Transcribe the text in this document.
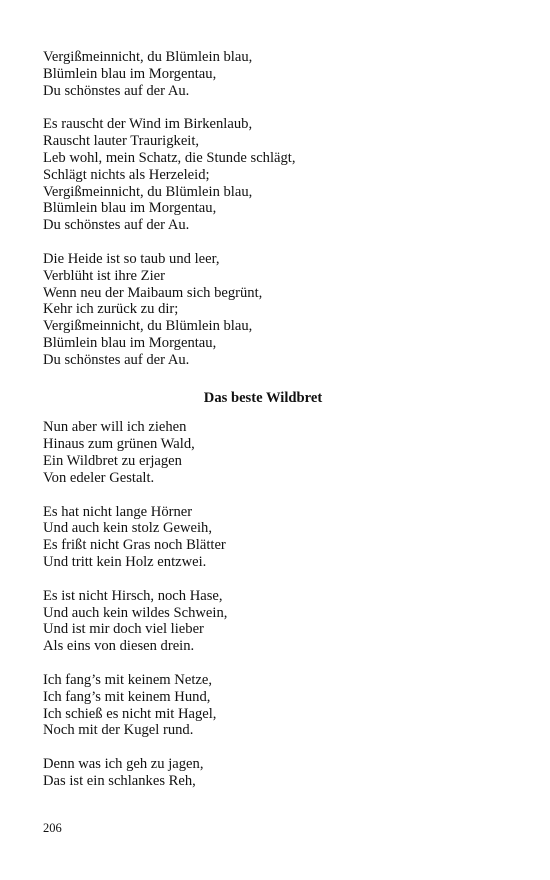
Vergißmeinnicht, du Blümlein blau,
Blümlein blau im Morgentau,
Du schönstes auf der Au.
Es rauscht der Wind im Birkenlaub,
Rauscht lauter Traurigkeit,
Leb wohl, mein Schatz, die Stunde schlägt,
Schlägt nichts als Herzeleid;
Vergißmeinnicht, du Blümlein blau,
Blümlein blau im Morgentau,
Du schönstes auf der Au.
Die Heide ist so taub und leer,
Verblüht ist ihre Zier
Wenn neu der Maibaum sich begrünt,
Kehr ich zurück zu dir;
Vergißmeinnicht, du Blümlein blau,
Blümlein blau im Morgentau,
Du schönstes auf der Au.
Das beste Wildbret
Nun aber will ich ziehen
Hinaus zum grünen Wald,
Ein Wildbret zu erjagen
Von edeler Gestalt.
Es hat nicht lange Hörner
Und auch kein stolz Geweih,
Es frißt nicht Gras noch Blätter
Und tritt kein Holz entzwei.
Es ist nicht Hirsch, noch Hase,
Und auch kein wildes Schwein,
Und ist mir doch viel lieber
Als eins von diesen drein.
Ich fang’s mit keinem Netze,
Ich fang’s mit keinem Hund,
Ich schieß es nicht mit Hagel,
Noch mit der Kugel rund.
Denn was ich geh zu jagen,
Das ist ein schlankes Reh,
206
